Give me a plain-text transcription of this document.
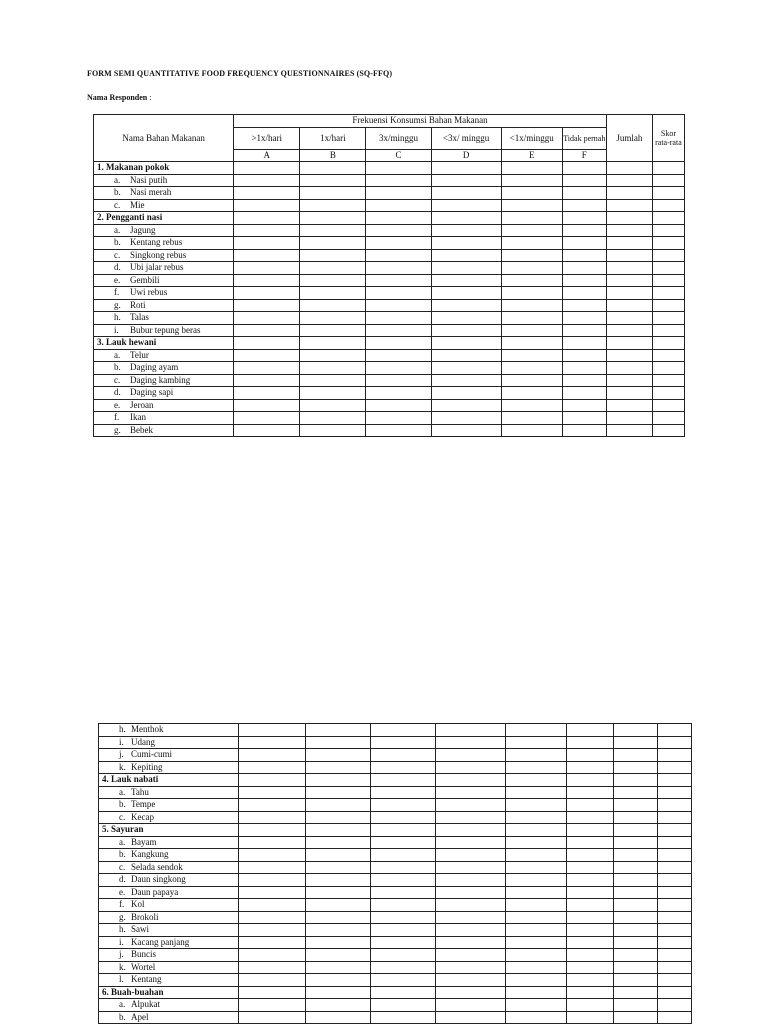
FORM SEMI QUANTITATIVE FOOD FREQUENCY QUESTIONNAIRES (SQ-FFQ)
Nama Responden :
Nama Bahan Makanan	Frekuensi Konsumsi Bahan Makanan						Jumlah	Skor rata-rata
	>1x/hari	1x/hari	3x/minggu	<3x/ minggu	<1x/minggu	Tidak pernah		
	A	B	C	D	E	F		
1. Makanan pokok								
a. Nasi putih								
b. Nasi merah								
c. Mie								
2. Pengganti nasi								
a. Jagung								
b. Kentang rebus								
c. Singkong rebus								
d. Ubi jalar rebus								
e. Gembili								
f. Uwi rebus								
g. Roti								
h. Talas								
i. Bubur tepung beras								
3. Lauk hewani								
a. Telur								
b. Daging ayam								
c. Daging kambing								
d. Daging sapi								
e. Jeroan								
f. Ikan								
g. Bebek								
h. Menthok								
i. Udang								
j. Cumi-cumi								
k. Kepiting								
4. Lauk nabati								
a. Tahu								
b. Tempe								
c. Kecap								
5. Sayuran								
a. Bayam								
b. Kangkung								
c. Selada sendok								
d. Daun singkong								
e. Daun papaya								
f. Kol								
g. Brokoli								
h. Sawi								
i. Kacang panjang								
j. Buncis								
k. Wortel								
l. Kentang								
6. Buah-buahan								
a. Alpukat								
b. Apel								
